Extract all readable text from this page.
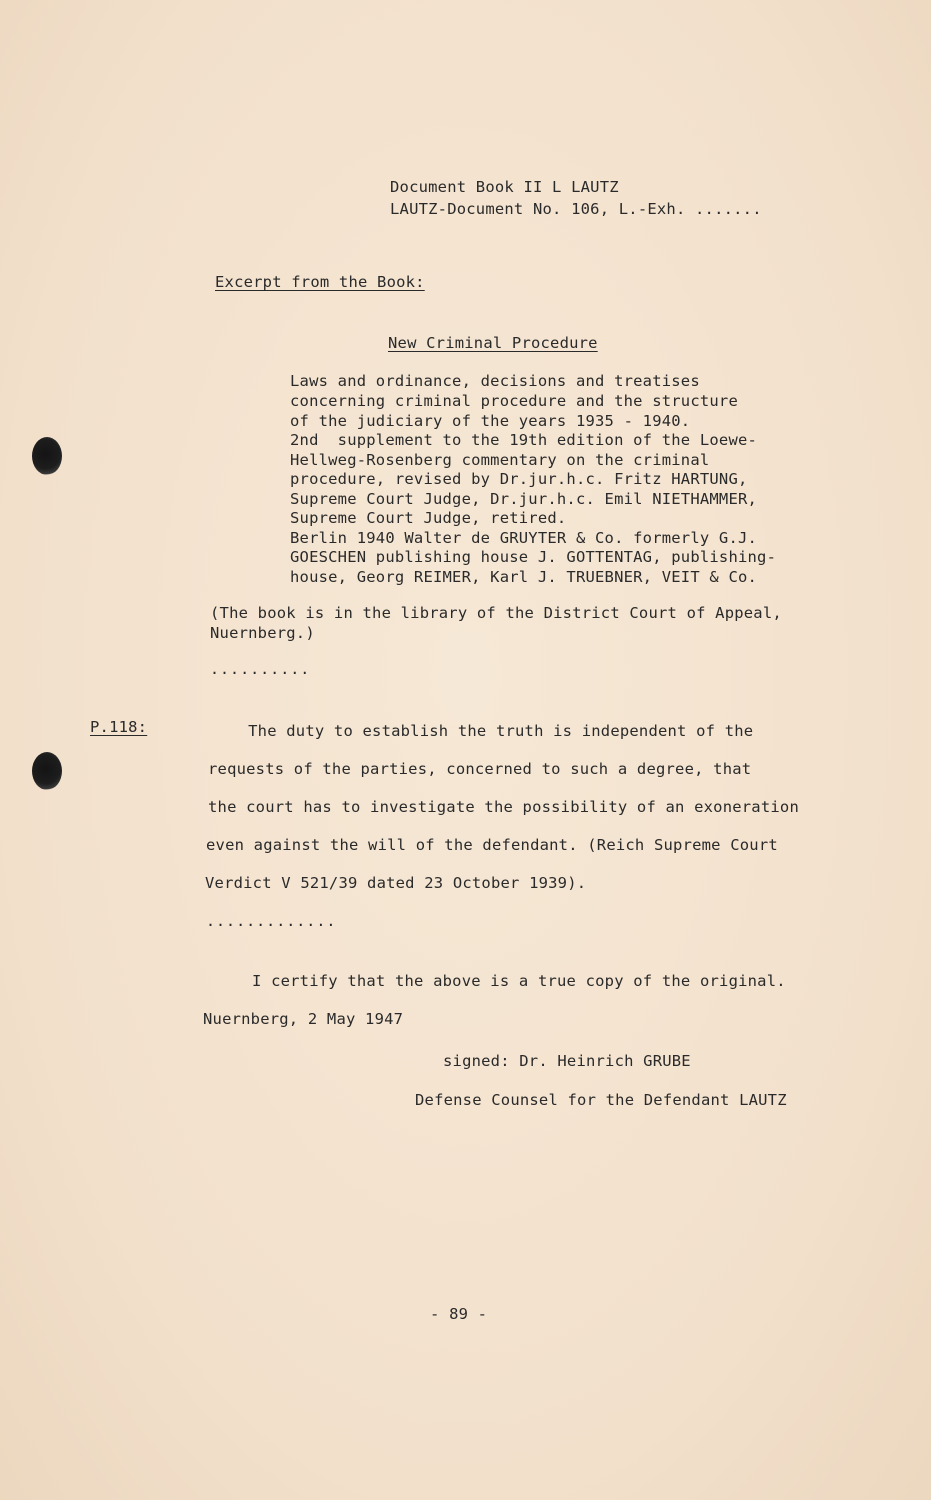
Document Book II L LAUTZ
LAUTZ-Document No. 106, L.-Exh. .......
Excerpt from the Book:
New Criminal Procedure
Laws and ordinance, decisions and treatises
concerning criminal procedure and the structure
of the judiciary of the years 1935 - 1940.
2nd  supplement to the 19th edition of the Loewe-
Hellweg-Rosenberg commentary on the criminal
procedure, revised by Dr.jur.h.c. Fritz HARTUNG,
Supreme Court Judge, Dr.jur.h.c. Emil NIETHAMMER,
Supreme Court Judge, retired.
Berlin 1940 Walter de GRUYTER & Co. formerly G.J.
GOESCHEN publishing house J. GOTTENTAG, publishing-
house, Georg REIMER, Karl J. TRUEBNER, VEIT & Co.
(The book is in the library of the District Court of Appeal,
Nuernberg.)
..........
P.118:	The duty to establish the truth is independent of the
requests of the parties, concerned to such a degree, that
the court has to investigate the possibility of an exoneration
even against the will of the defendant. (Reich Supreme Court
Verdict V 521/39 dated 23 October 1939).
.............
I certify that the above is a true copy of the original.
Nuernberg, 2 May 1947
signed: Dr. Heinrich GRUBE
Defense Counsel for the Defendant LAUTZ
- 89 -
